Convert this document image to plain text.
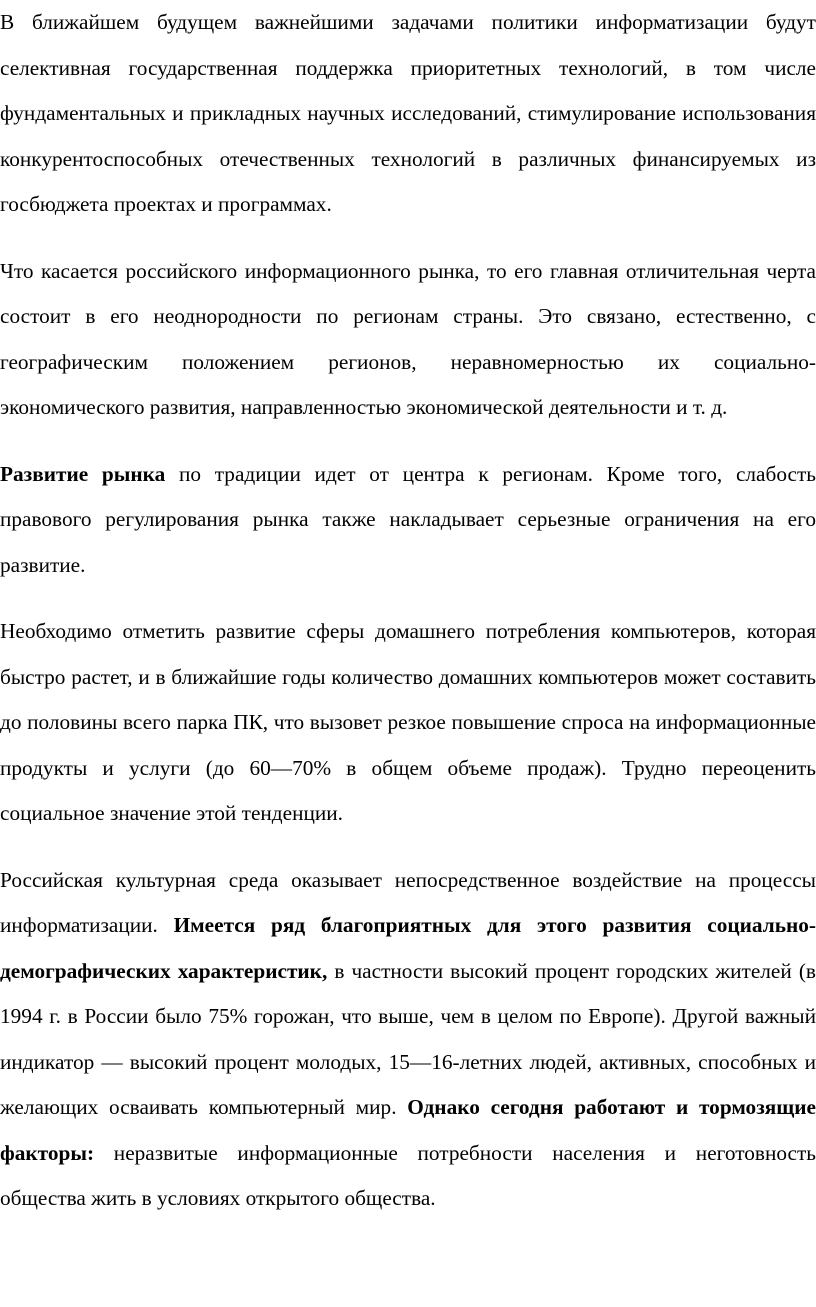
В ближайшем будущем важнейшими задачами политики информатизации будут селективная государственная поддержка приоритетных технологий, в том числе фундаментальных и прикладных научных исследований, стимулирование использования конкурентоспособных отечественных технологий в различных финансируемых из госбюджета проектах и программах.

Что касается российского информационного рынка, то его главная отличительная черта состоит в его неоднородности по регионам страны. Это связано, естественно, с географическим положением регионов, неравномерностью их социально-экономического развития, направленностью экономической деятельности и т. д.

Развитие рынка по традиции идет от центра к регионам. Кроме того, слабость правового регулирования рынка также накладывает серьезные ограничения на его развитие.

Необходимо отметить развитие сферы домашнего потребления компьютеров, которая быстро растет, и в ближайшие годы количество домашних компьютеров может составить до половины всего парка ПК, что вызовет резкое повышение спроса на информационные продукты и услуги (до 60—70% в общем объеме продаж). Трудно переоценить социальное значение этой тенденции.

Российская культурная среда оказывает непосредственное воздействие на процессы информатизации. Имеется ряд благоприятных для этого развития социально-демографических характеристик, в частности высокий процент городских жителей (в 1994 г. в России было 75% горожан, что выше, чем в целом по Европе). Другой важный индикатор — высокий процент молодых, 15—16-летних людей, активных, способных и желающих осваивать компьютерный мир. Однако сегодня работают и тормозящие факторы: неразвитые информационные потребности населения и неготовность общества жить в условиях открытого общества.
